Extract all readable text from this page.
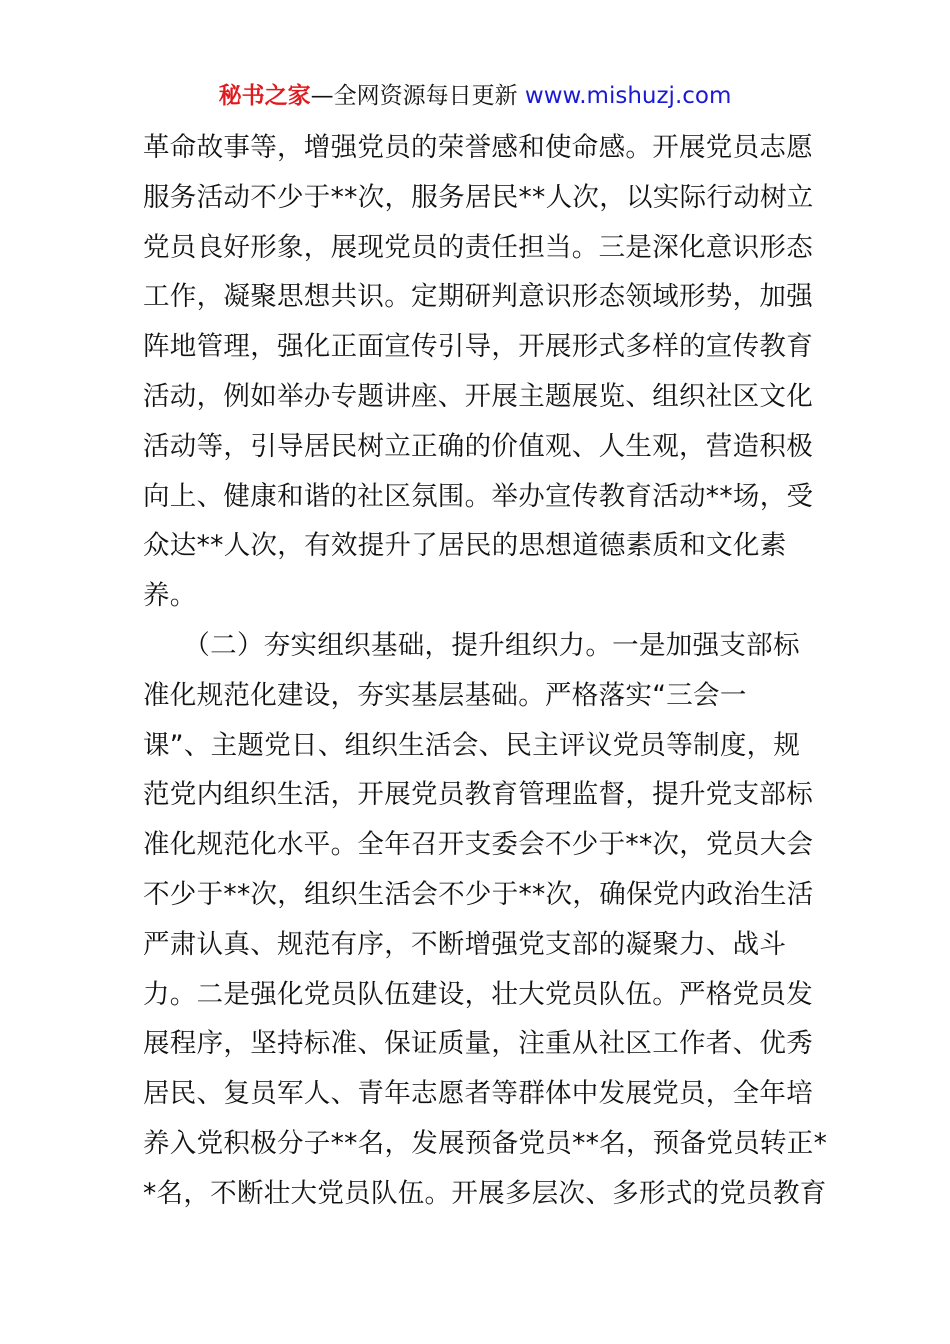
秘书之家—全网资源每日更新 www.mishuzj.com
革命故事等，增强党员的荣誉感和使命感。开展党员志愿
服务活动不少于**次，服务居民**人次，以实际行动树立
党员良好形象，展现党员的责任担当。三是深化意识形态
工作，凝聚思想共识。定期研判意识形态领域形势，加强
阵地管理，强化正面宣传引导，开展形式多样的宣传教育
活动，例如举办专题讲座、开展主题展览、组织社区文化
活动等，引导居民树立正确的价值观、人生观，营造积极
向上、健康和谐的社区氛围。举办宣传教育活动**场，受
众达**人次，有效提升了居民的思想道德素质和文化素
养。
　　（二）夯实组织基础，提升组织力。一是加强支部标
准化规范化建设，夯实基层基础。严格落实“三会一
课”、主题党日、组织生活会、民主评议党员等制度，规
范党内组织生活，开展党员教育管理监督，提升党支部标
准化规范化水平。全年召开支委会不少于**次，党员大会
不少于**次，组织生活会不少于**次，确保党内政治生活
严肃认真、规范有序，不断增强党支部的凝聚力、战斗
力。二是强化党员队伍建设，壮大党员队伍。严格党员发
展程序，坚持标准、保证质量，注重从社区工作者、优秀
居民、复员军人、青年志愿者等群体中发展党员，全年培
养入党积极分子**名，发展预备党员**名，预备党员转正*
*名，不断壮大党员队伍。开展多层次、多形式的党员教育
